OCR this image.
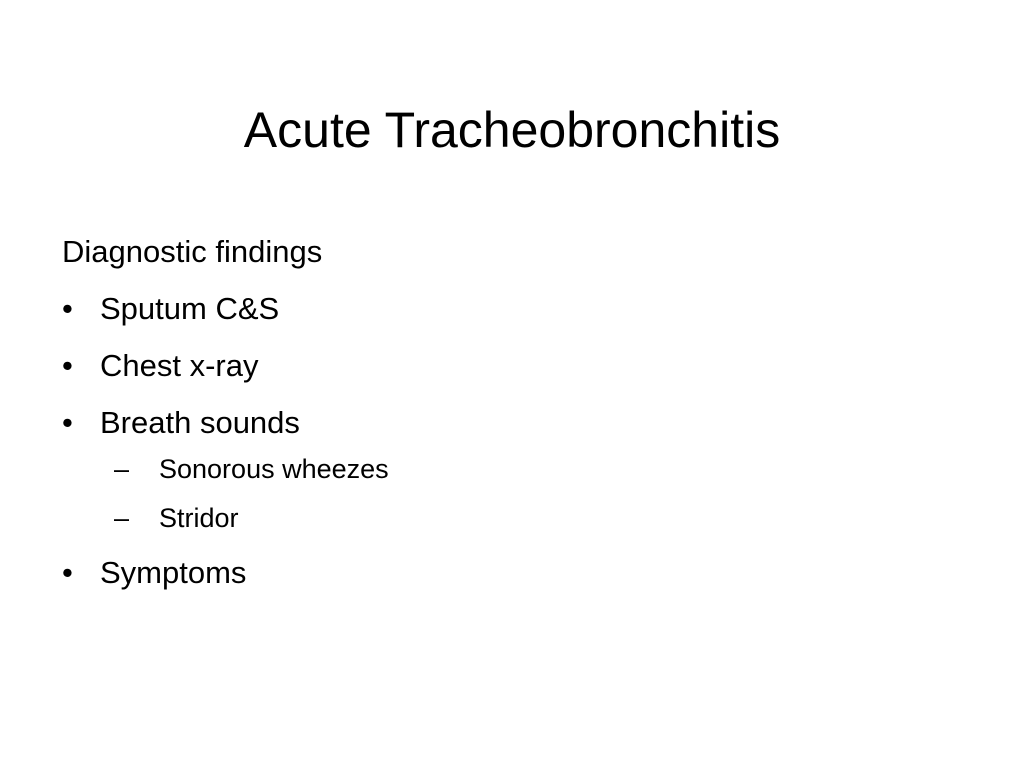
Acute Tracheobronchitis

Diagnostic findings

• Sputum C&S
• Chest x-ray
• Breath sounds
– Sonorous wheezes
– Stridor
• Symptoms
